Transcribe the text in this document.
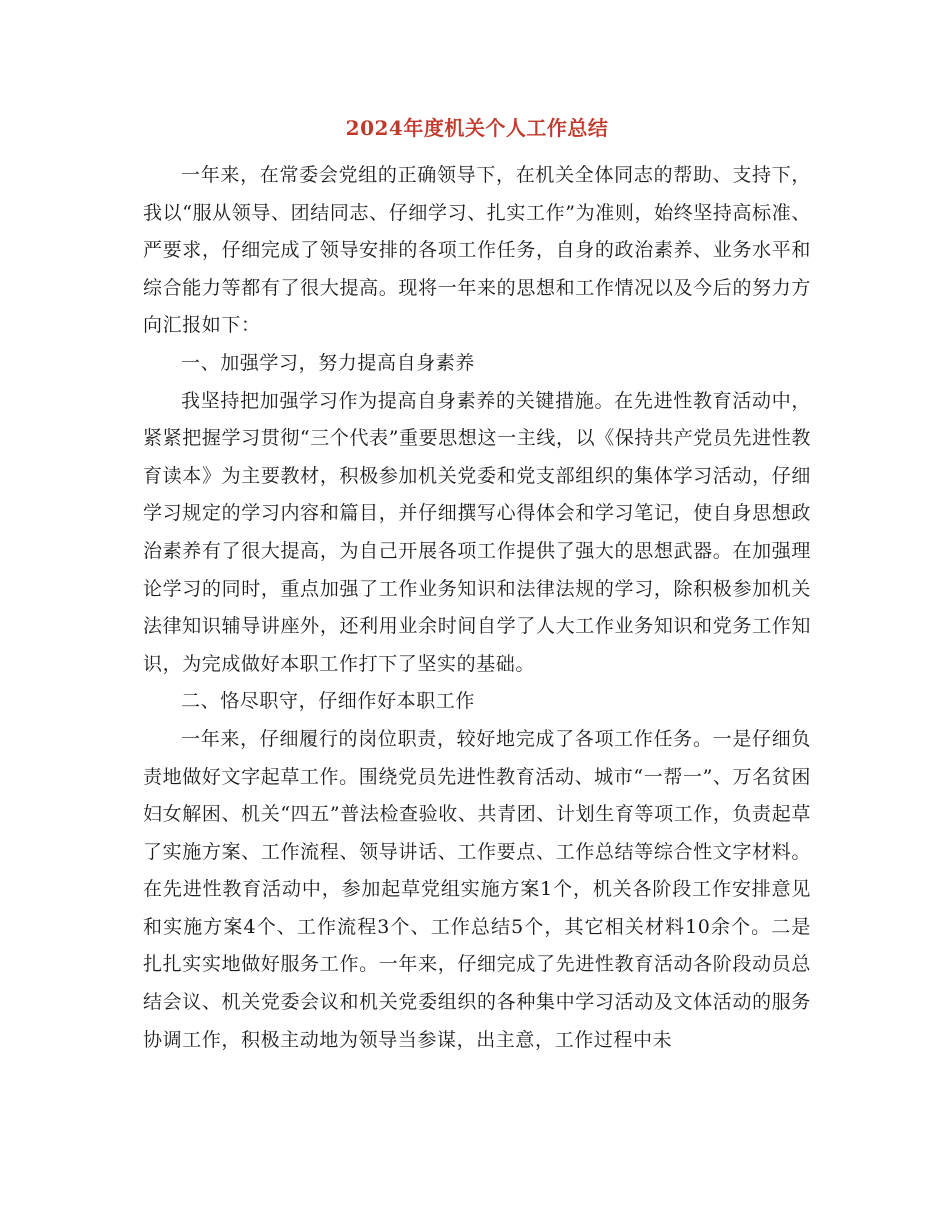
2024年度机关个人工作总结

一年来，在常委会党组的正确领导下，在机关全体同志的帮助、支持下，我以“服从领导、团结同志、仔细学习、扎实工作”为准则，始终坚持高标准、严要求，仔细完成了领导安排的各项工作任务，自身的政治素养、业务水平和综合能力等都有了很大提高。现将一年来的思想和工作情况以及今后的努力方向汇报如下：

一、加强学习，努力提高自身素养

我坚持把加强学习作为提高自身素养的关键措施。在先进性教育活动中，紧紧把握学习贯彻“三个代表”重要思想这一主线，以《保持共产党员先进性教育读本》为主要教材，积极参加机关党委和党支部组织的集体学习活动，仔细学习规定的学习内容和篇目，并仔细撰写心得体会和学习笔记，使自身思想政治素养有了很大提高，为自己开展各项工作提供了强大的思想武器。在加强理论学习的同时，重点加强了工作业务知识和法律法规的学习，除积极参加机关法律知识辅导讲座外，还利用业余时间自学了人大工作业务知识和党务工作知识，为完成做好本职工作打下了坚实的基础。

二、恪尽职守，仔细作好本职工作

一年来，仔细履行的岗位职责，较好地完成了各项工作任务。一是仔细负责地做好文字起草工作。围绕党员先进性教育活动、城市“一帮一”、万名贫困妇女解困、机关“四五”普法检查验收、共青团、计划生育等项工作，负责起草了实施方案、工作流程、领导讲话、工作要点、工作总结等综合性文字材料。在先进性教育活动中，参加起草党组实施方案1个，机关各阶段工作安排意见和实施方案4个、工作流程3个、工作总结5个，其它相关材料10余个。二是扎扎实实地做好服务工作。一年来，仔细完成了先进性教育活动各阶段动员总结会议、机关党委会议和机关党委组织的各种集中学习活动及文体活动的服务协调工作，积极主动地为领导当参谋，出主意，工作过程中未
